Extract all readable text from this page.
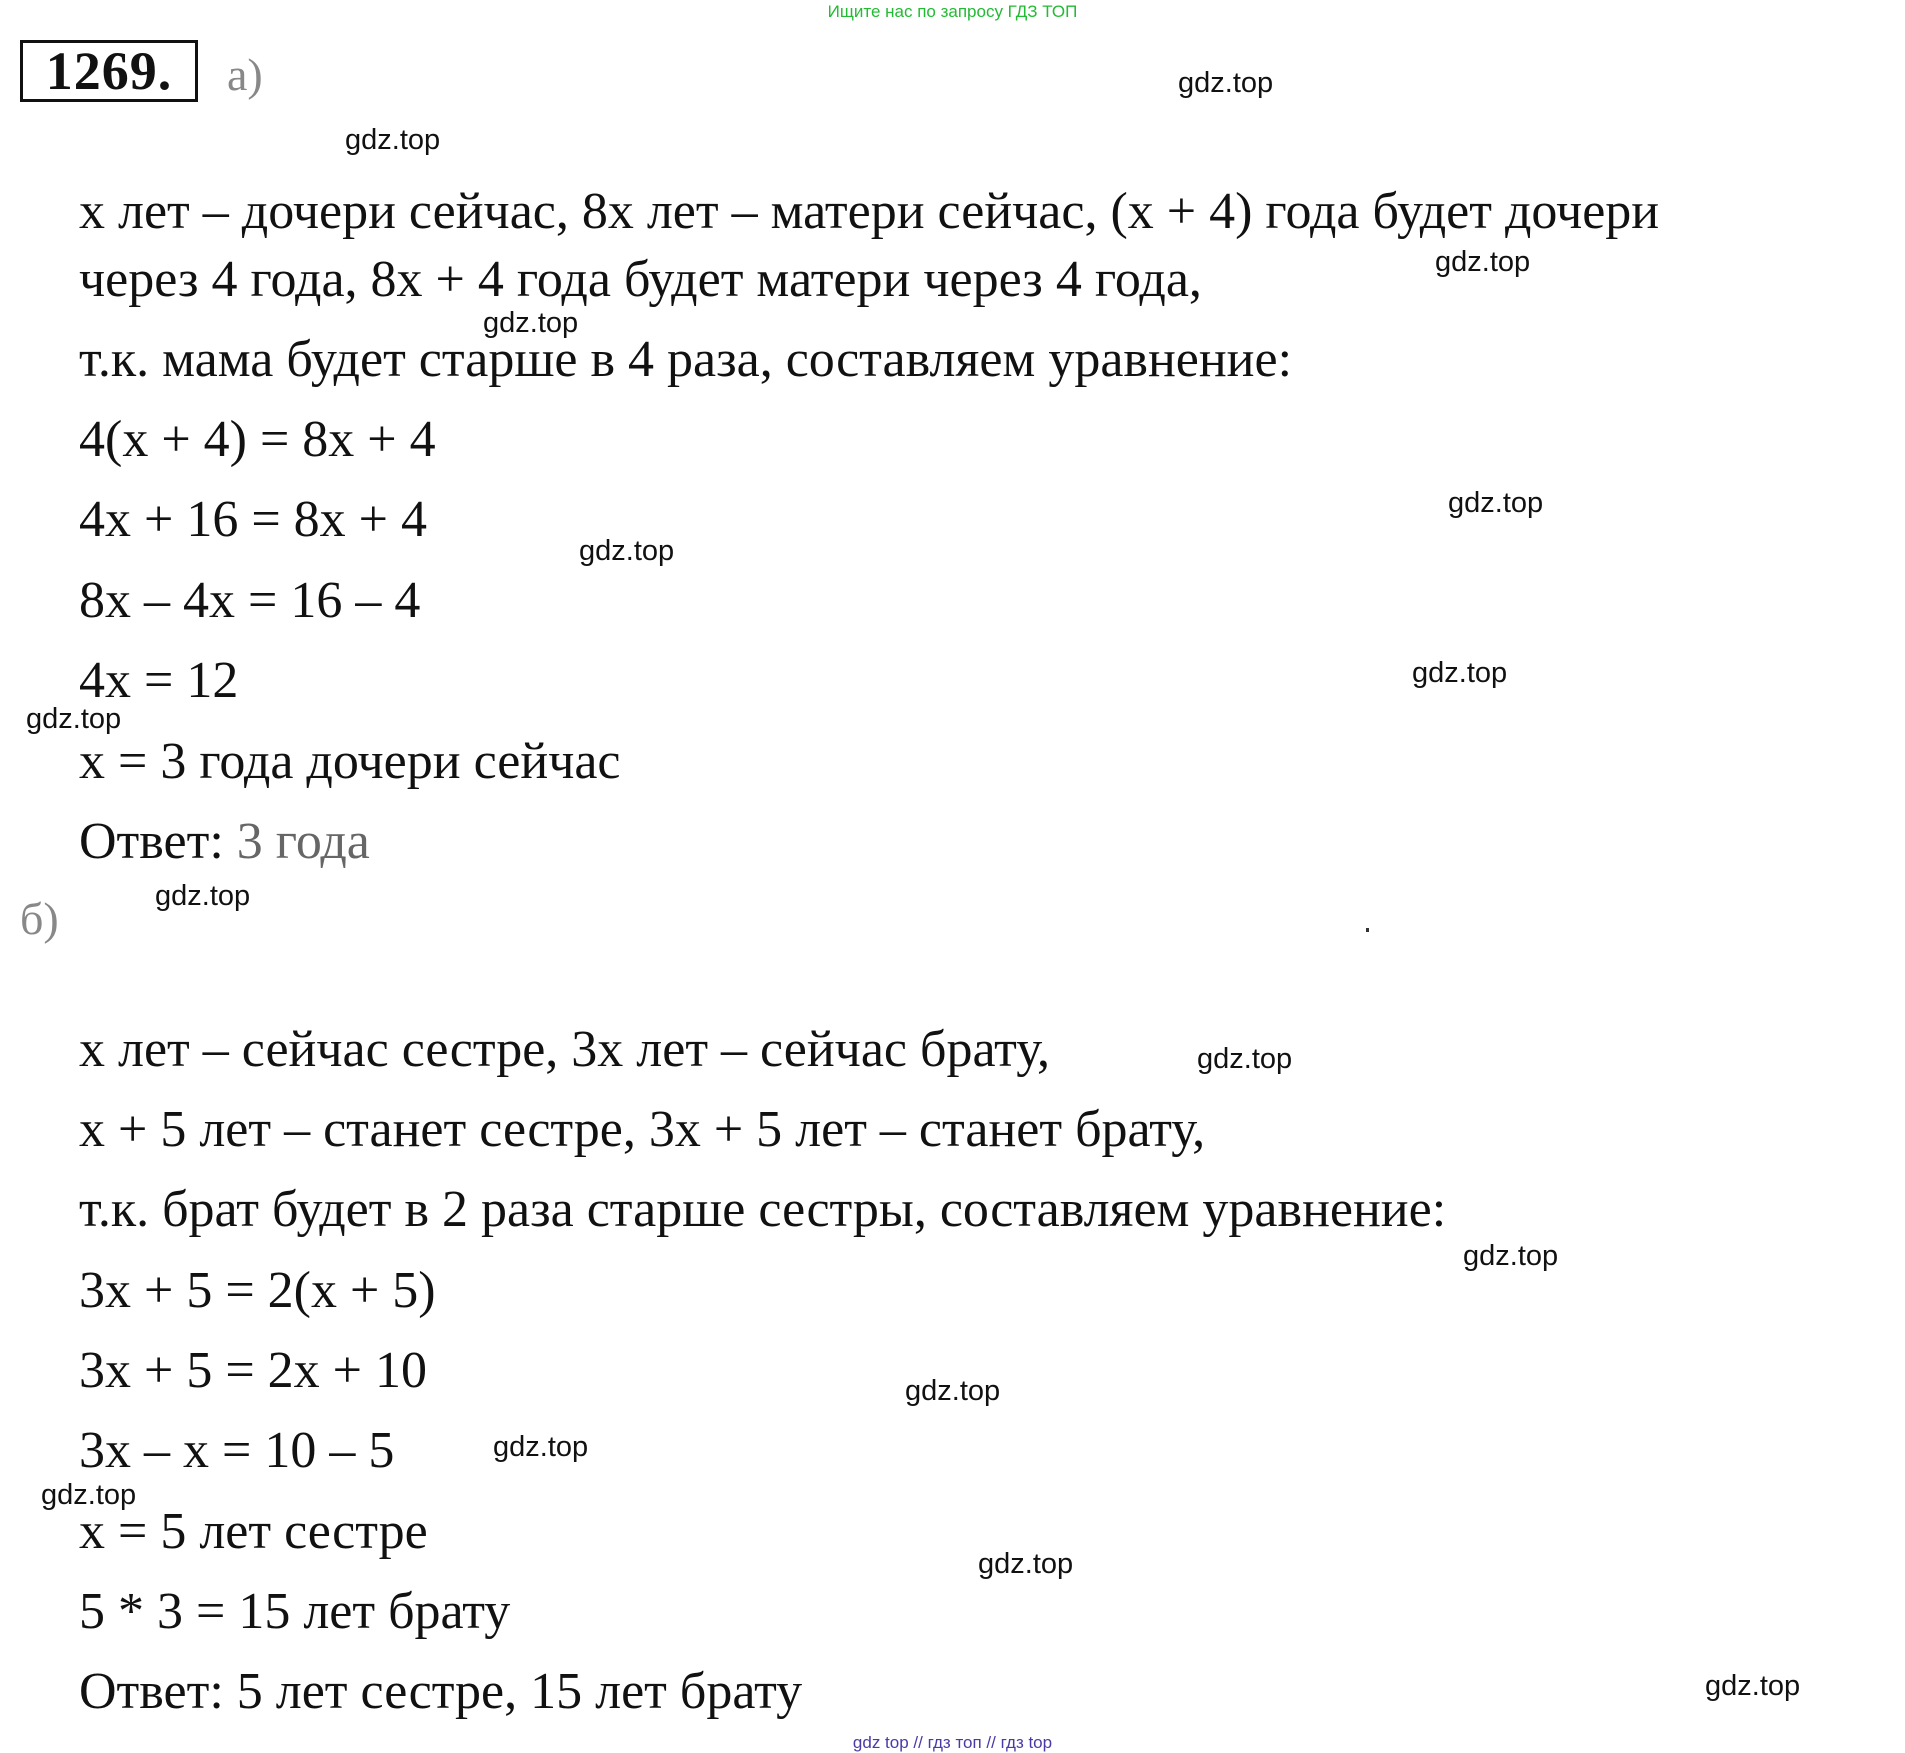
Ищите нас по запросу ГДЗ ТОП
1269.	а)

x лет – дочери сейчас, 8x лет – матери сейчас, (x + 4) года будет дочери

через 4 года, 8x + 4 года будет матери через 4 года,

т.к. мама будет старше в 4 раза, составляем уравнение:

4(x + 4) = 8x + 4

4x + 16 = 8x + 4

8x – 4x = 16 – 4

4x = 12

x = 3 года дочери сейчас

Ответ: 3 года

б)

x лет – сейчас сестре, 3x лет – сейчас брату,

x + 5 лет – станет сестре, 3x + 5 лет – станет брату,

т.к. брат будет в 2 раза старше сестры, составляем уравнение:

3x + 5 = 2(x + 5)

3x + 5 = 2x + 10

3x – x = 10 – 5

x = 5 лет сестре

5 * 3 = 15 лет брату

Ответ: 5 лет сестре, 15 лет брату

gdz.top
gdz.top
gdz.top
gdz.top
gdz.top
gdz.top
gdz.top
gdz.top
gdz.top
gdz.top
gdz.top
gdz.top
gdz.top
gdz.top
gdz.top
gdz.top
gdz top // гдз топ // гдз top
